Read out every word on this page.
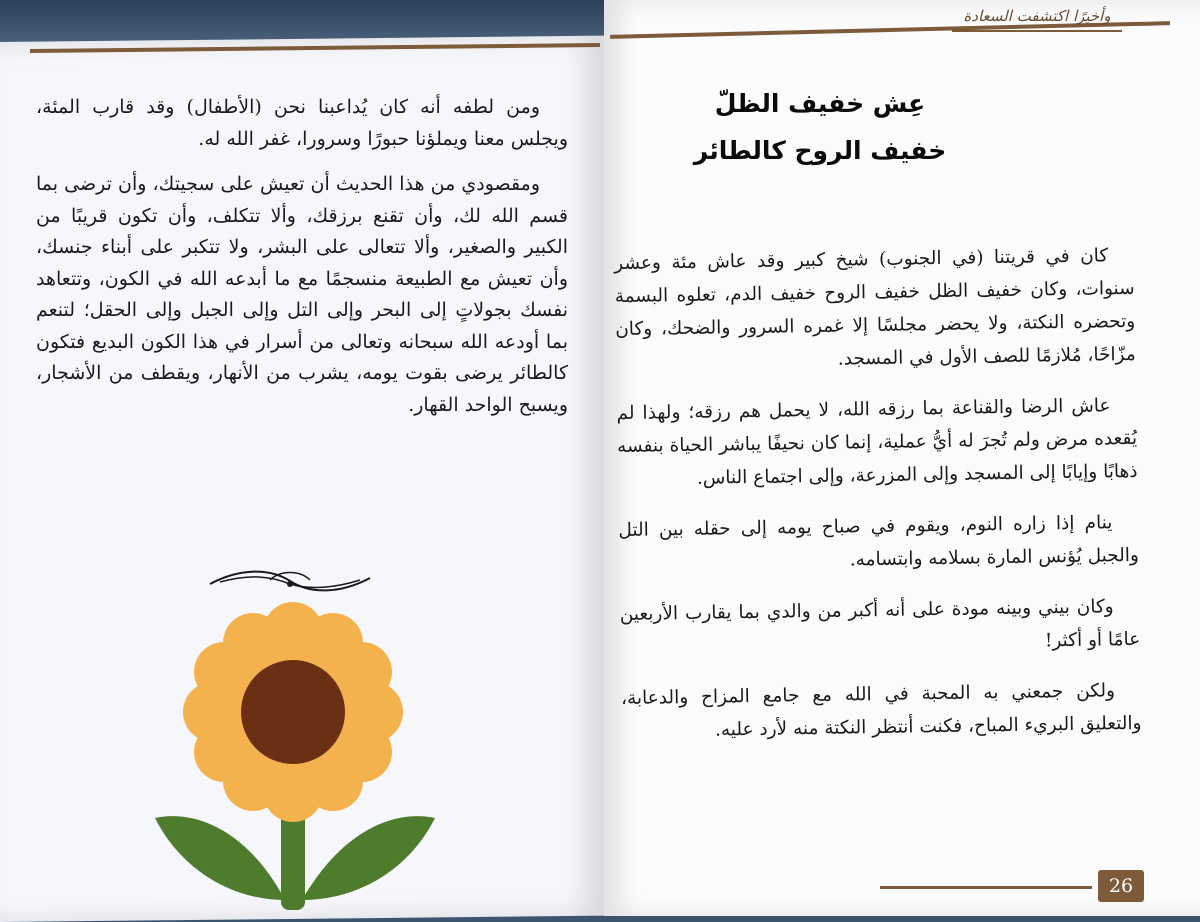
وأخيرًا اكتشفت السعادة

ومن لطفه أنه كان يُداعبنا نحن (الأطفال) وقد قارب المئة، ويجلس معنا ويملؤنا حبورًا وسرورا، غفر الله له.

ومقصودي من هذا الحديث أن تعيش على سجيتك، وأن ترضى بما قسم الله لك، وأن تقنع برزقك، وألا تتكلف، وأن تكون قريبًا من الكبير والصغير، وألا تتعالى على البشر، ولا تتكبر على أبناء جنسك، وأن تعيش مع الطبيعة منسجمًا مع ما أبدعه الله في الكون، وتتعاهد نفسك بجولاتٍ إلى البحر وإلى التل وإلى الجبل وإلى الحقل؛ لتنعم بما أودعه الله سبحانه وتعالى من أسرار في هذا الكون البديع فتكون كالطائر يرضى بقوت يومه، يشرب من الأنهار، ويقطف من الأشجار، ويسبح الواحد القهار.

عِش خفيف الظلّ
خفيف الروح كالطائر

كان في قريتنا (في الجنوب) شيخ كبير وقد عاش مئة وعشر سنوات، وكان خفيف الظل خفيف الروح خفيف الدم، تعلوه البسمة وتحضره النكتة، ولا يحضر مجلسًا إلا غمره السرور والضحك، وكان مزّاحًا، مُلازمًا للصف الأول في المسجد.

عاش الرضا والقناعة بما رزقه الله، لا يحمل هم رزقه؛ ولهذا لم يُقعده مرض ولم تُجرَ له أيُّ عملية، إنما كان نحيفًا يباشر الحياة بنفسه ذهابًا وإيابًا إلى المسجد وإلى المزرعة، وإلى اجتماع الناس.

ينام إذا زاره النوم، ويقوم في صباح يومه إلى حقله بين التل والجبل يُؤنس المارة بسلامه وابتسامه.

وكان بيني وبينه مودة على أنه أكبر من والدي بما يقارب الأربعين عامًا أو أكثر!

ولكن جمعني به المحبة في الله مع جامع المزاح والدعابة، والتعليق البريء المباح، فكنت أنتظر النكتة منه لأرد عليه.

26
